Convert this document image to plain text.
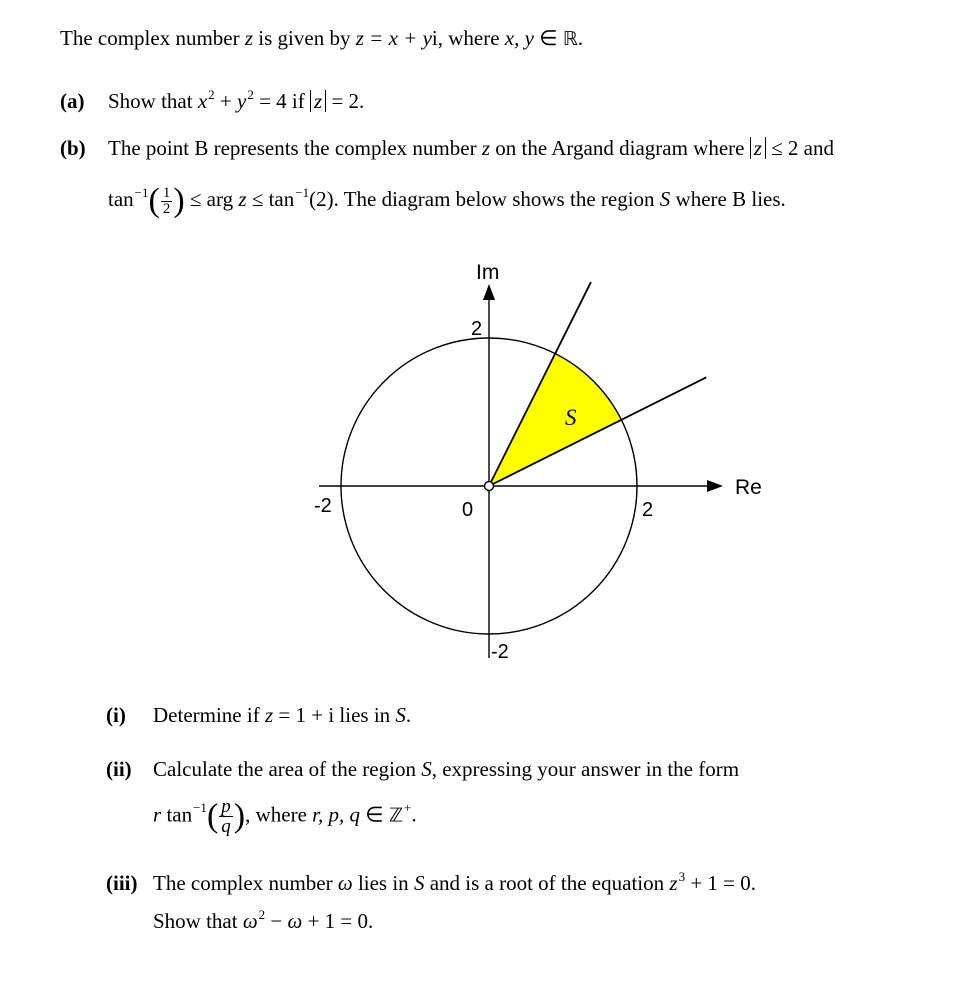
The complex number z is given by z = x + yi, where x, y ∈ ℝ.
(a) Show that $x^2 + y^2 = 4$ if z = 2.
(b) The point B represents the complex number z on the Argand diagram where z ≤ 2 and
$\tan^{-1}( \frac{1}{2}$ ) ≤ arg $z \le \tan^{-1}(2)$. The diagram below shows the region S where B lies.
Re
Im
0	2
-2
2
-2
S
(i) Determine if z = 1 + i lies in S.
(ii) Calculate the area of the region S, expressing your answer in the form
r $\tan^{-1}( \frac{p}{q}$ ), where r, p, q ∈ ℤ+.
(iii) The complex number ω lies in S and is a root of the equation $z^3 + 1 = 0$.
Show that $\omega^2 - \omega + 1 = 0$.
